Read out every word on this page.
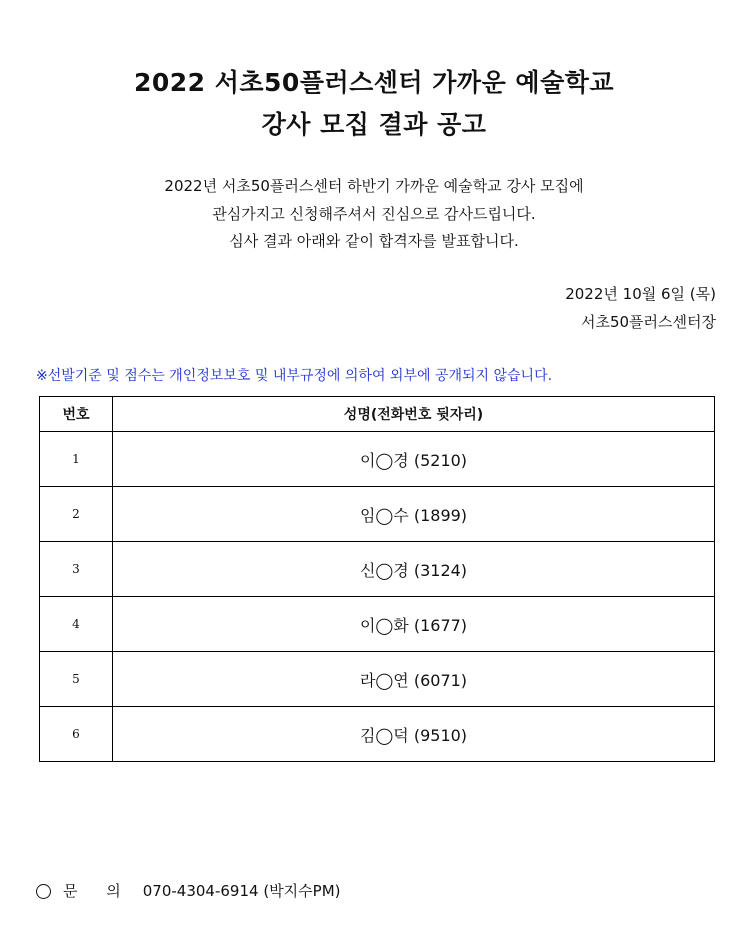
2022 서초50플러스센터 가까운 예술학교
강사 모집 결과 공고
2022년 서초50플러스센터 하반기 가까운 예술학교 강사 모집에
관심가지고 신청해주셔서 진심으로 감사드립니다.
심사 결과 아래와 같이 합격자를 발표합니다.
2022년 10월 6일 (목)
서초50플러스센터장
※선발기준 및 점수는 개인정보보호 및 내부규정에 의하여 외부에 공개되지 않습니다.
번호	성명(전화번호 뒷자리)
1	이◯경 (5210)
2	임◯수 (1899)
3	신◯경 (3124)
4	이◯화 (1677)
5	라◯연 (6071)
6	김◯덕 (9510)
문 의 070-4304-6914 (박지수PM)
